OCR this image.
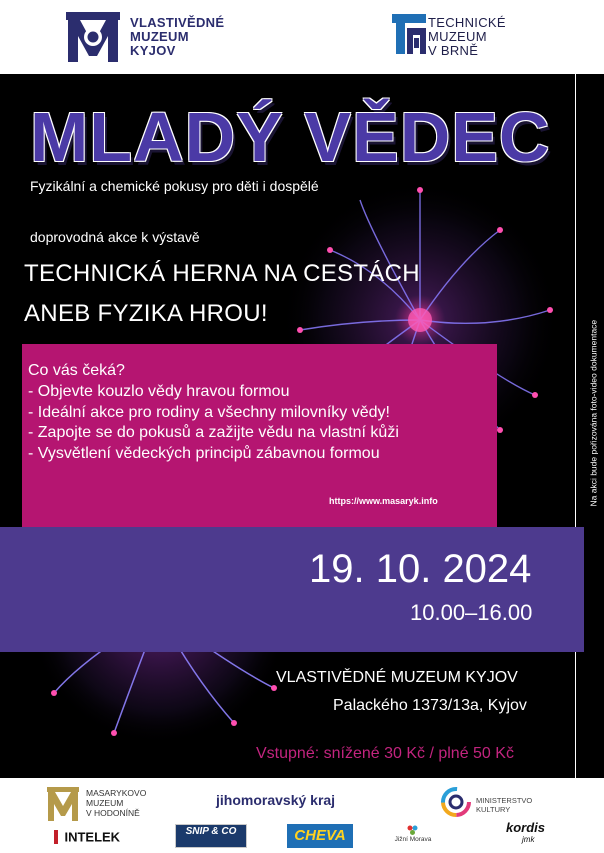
VLASTIVĚDNÉ
MUZEUM
KYJOV
TECHNICKÉ
MUZEUM
V BRNĚ
MLADÝ VĚDEC
Fyzikální a chemické pokusy pro děti i dospělé
doprovodná akce k výstavě
TECHNICKÁ HERNA NA CESTÁCH
ANEB FYZIKA HROU!
Na akci bude pořizována foto-video dokumentace
Co vás čeká?
- Objevte kouzlo vědy hravou formou
- Ideální akce pro rodiny a všechny milovníky vědy!
- Zapojte se do pokusů a zažijte vědu na vlastní kůži
- Vysvětlení vědeckých principů zábavnou formou
https://www.masaryk.info
19. 10. 2024
10.00–16.00
VLASTIVĚDNÉ MUZEUM KYJOV
Palackého 1373/13a, Kyjov
Vstupné: snížené 30 Kč / plné 50 Kč
MASARYKOVO
MUZEUM
V HODONÍNĚ
jihomoravský kraj	MINISTERSTVO
KULTURY
INTELEK	SNIP & CO	CHEVA	Jižní Morava
kordis
jmk
